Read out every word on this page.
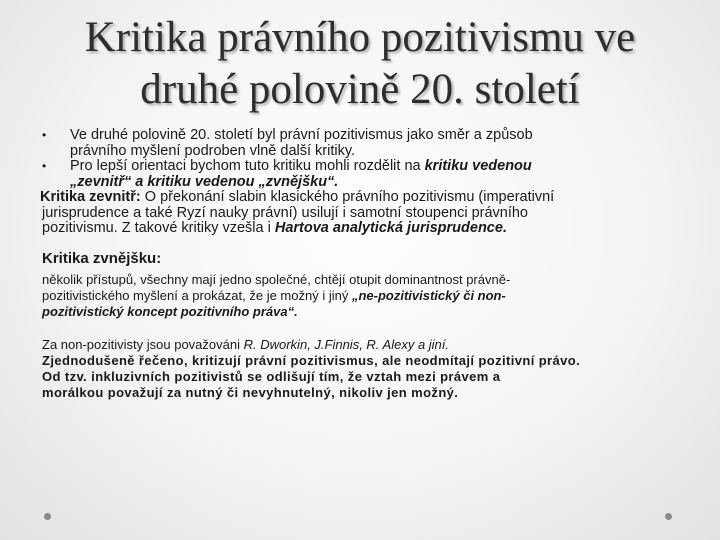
Kritika právního pozitivismu ve
druhé polovině 20. století
• Ve druhé polovině 20. století byl právní pozitivismus jako směr a způsob
právního myšlení podroben vlně další kritiky.
• Pro lepší orientaci bychom tuto kritiku mohli rozdělit na kritiku vedenou
„zevnitř“ a kritiku vedenou „zvnějšku“.
Kritika zevnitř: O překonání slabin klasického právního pozitivismu (imperativní
jurisprudence a také Ryzí nauky právní) usilují i samotní stoupenci právního
pozitivismu. Z takové kritiky vzešla i Hartova analytická jurisprudence.
Kritika zvnějšku:
několik přístupů, všechny mají jedno společné, chtějí otupit dominantnost právně-
pozitivistického myšlení a prokázat, že je možný i jiný „ne-pozitivistický či non-
pozitivistický koncept pozitivního práva“.
Za non-pozitivisty jsou považováni R. Dworkin, J.Finnis, R. Alexy a jiní.
Zjednodušeně řečeno, kritizují právní pozitivismus, ale neodmítají pozitivní právo.
Od tzv. inkluzivních pozitivistů se odlišují tím, že vztah mezi právem a
morálkou považují za nutný či nevyhnutelný, nikoliv jen možný.
